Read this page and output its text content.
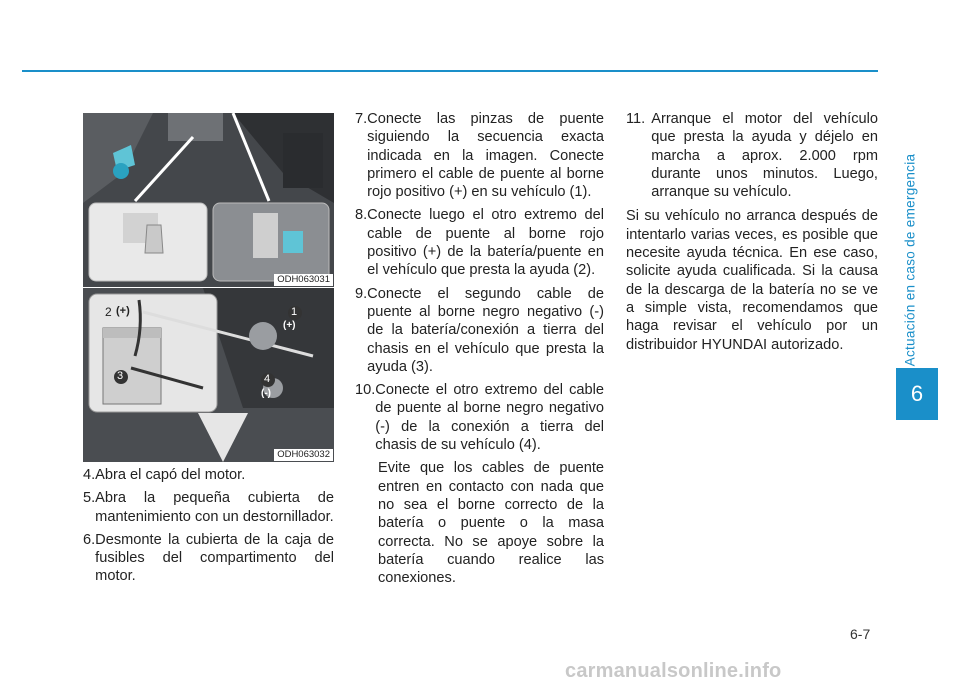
Actuación en caso de emergencia
6
ODH063031
2 (+)	1
(+)
3	4
(-)
ODH063032
4. Abra el capó del motor.
5. Abra la pequeña cubierta de mantenimiento con un destornillador.
6. Desmonte la cubierta de la caja de fusibles del compartimento del motor.
7. Conecte las pinzas de puente siguiendo la secuencia exacta indicada en la imagen. Conecte primero el cable de puente al borne rojo positivo (+) en su vehículo (1).
8. Conecte luego el otro extremo del cable de puente al borne rojo positivo (+) de la batería/puente en el vehículo que presta la ayuda (2).
9. Conecte el segundo cable de puente al borne negro negativo (-) de la batería/conexión a tierra del chasis en el vehículo que presta la ayuda (3).
10. Conecte el otro extremo del cable de puente al borne negro negativo (-) de la conexión a tierra del chasis de su vehículo (4).
Evite que los cables de puente entren en contacto con nada que no sea el borne correcto de la batería o puente o la masa correcta. No se apoye sobre la batería cuando realice las conexiones.
11. Arranque el motor del vehículo que presta la ayuda y déjelo en marcha a aprox. 2.000 rpm durante unos minutos. Luego, arranque su vehículo.
Si su vehículo no arranca después de intentarlo varias veces, es posible que necesite ayuda técnica. En ese caso, solicite ayuda cualificada. Si la causa de la descarga de la batería no se ve a simple vista, recomendamos que haga revisar el vehículo por un distribuidor HYUNDAI autorizado.
6-7
carmanualsonline.info
